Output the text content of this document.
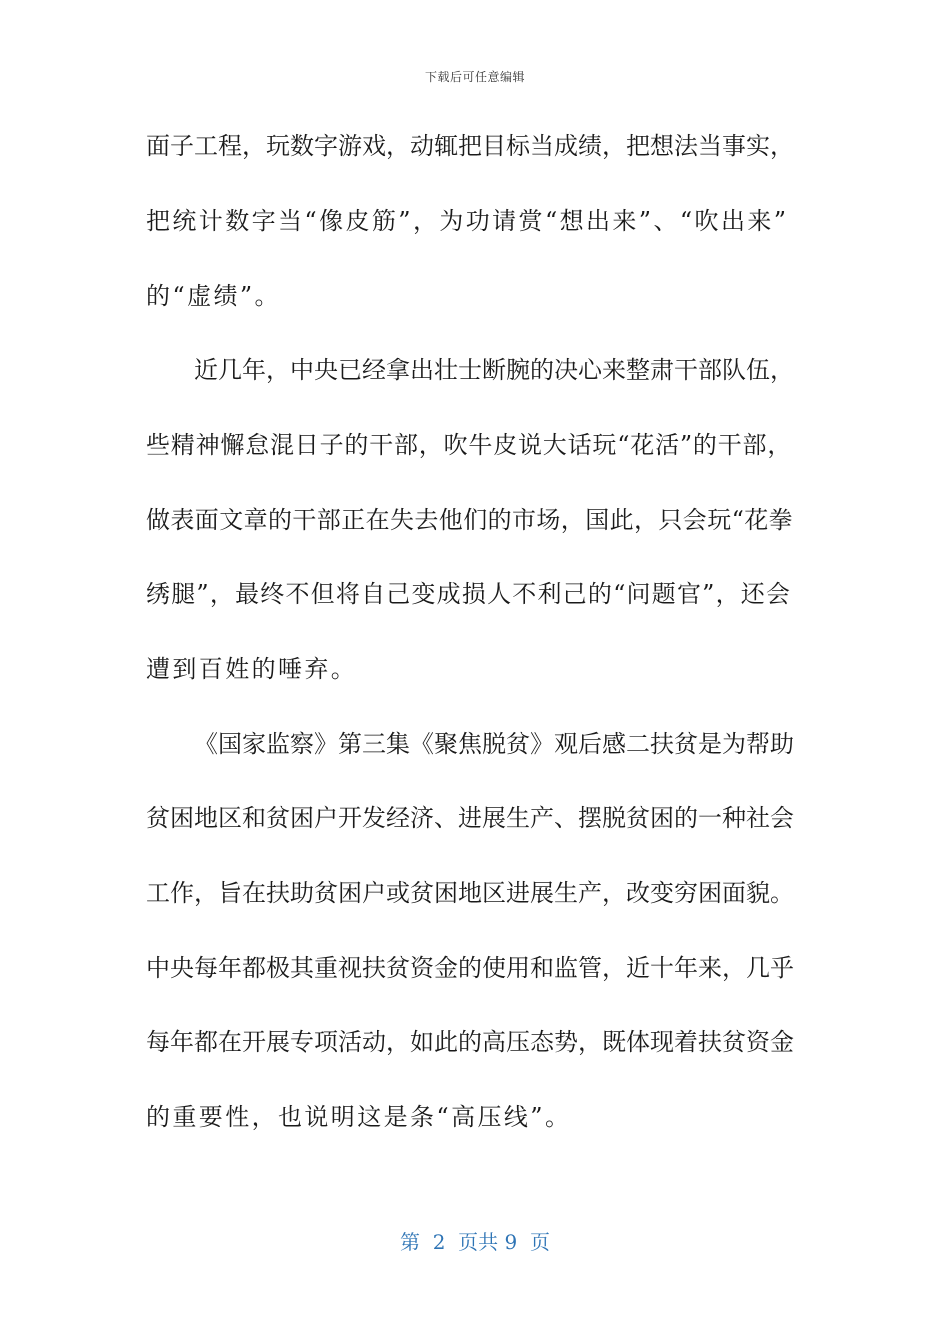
下载后可任意编辑
面子工程，玩数字游戏，动辄把目标当成绩，把想法当事实，
把统计数字当“像皮筋”，为功请赏“想出来”、“吹出来”
的“虚绩”。
近几年，中央已经拿出壮士断腕的决心来整肃干部队伍，
些精神懈怠混日子的干部，吹牛皮说大话玩“花活”的干部，
做表面文章的干部正在失去他们的市场，国此，只会玩“花拳
绣腿”，最终不但将自己变成损人不利己的“问题官”，还会
遭到百姓的唾弃。
《国家监察》第三集《聚焦脱贫》观后感二扶贫是为帮助
贫困地区和贫困户开发经济、进展生产、摆脱贫困的一种社会
工作，旨在扶助贫困户或贫困地区进展生产，改变穷困面貌。
中央每年都极其重视扶贫资金的使用和监管，近十年来，几乎
每年都在开展专项活动，如此的高压态势，既体现着扶贫资金
的重要性，也说明这是条“高压线”。
第  2  页共 9  页
